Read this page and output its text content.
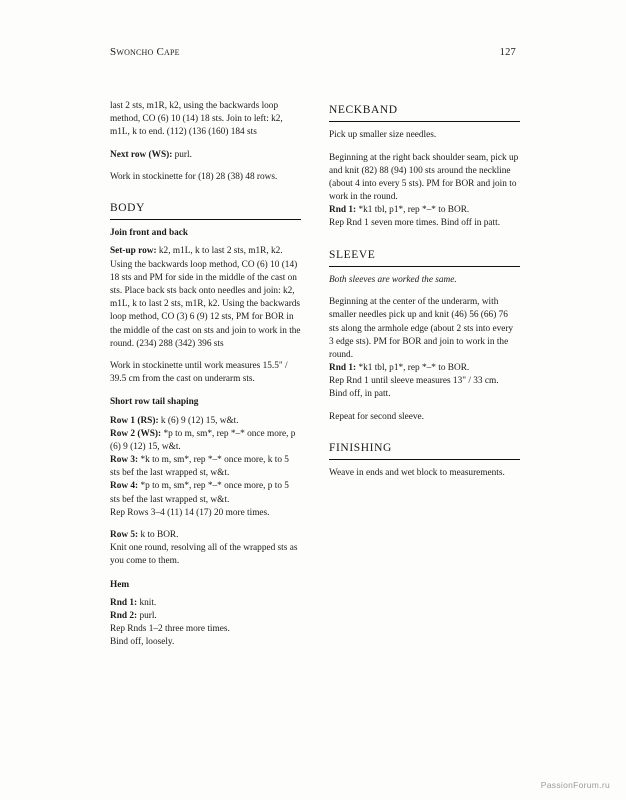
Swoncho Cape	127

last 2 sts, m1R, k2, using the backwards loop method, CO (6) 10 (14) 18 sts. Join to left: k2, m1L, k to end. (112) (136 (160) 184 sts

Next row (WS): purl.

Work in stockinette for (18) 28 (38) 48 rows.

BODY
Join front and back

Set-up row: k2, m1L, k to last 2 sts, m1R, k2. Using the backwards loop method, CO (6) 10 (14) 18 sts and PM for side in the middle of the cast on sts. Place back sts back onto needles and join: k2, m1L, k to last 2 sts, m1R, k2. Using the backwards loop method, CO (3) 6 (9) 12 sts, PM for BOR in the middle of the cast on sts and join to work in the round. (234) 288 (342) 396 sts

Work in stockinette until work measures 15.5" / 39.5 cm from the cast on underarm sts.

Short row tail shaping

Row 1 (RS): k (6) 9 (12) 15, w&t.

Row 2 (WS): *p to m, sm*, rep *–* once more, p (6) 9 (12) 15, w&t.

Row 3: *k to m, sm*, rep *–* once more, k to 5 sts bef the last wrapped st, w&t.

Row 4: *p to m, sm*, rep *–* once more, p to 5 sts bef the last wrapped st, w&t.

Rep Rows 3–4 (11) 14 (17) 20 more times.

Row 5: k to BOR.

Knit one round, resolving all of the wrapped sts as you come to them.

Hem

Rnd 1: knit.

Rnd 2: purl.

Rep Rnds 1–2 three more times.

Bind off, loosely.

NECKBAND

Pick up smaller size needles.

Beginning at the right back shoulder seam, pick up and knit (82) 88 (94) 100 sts around the neckline (about 4 into every 5 sts). PM for BOR and join to work in the round.

Rnd 1: *k1 tbl, p1*, rep *–* to BOR.

Rep Rnd 1 seven more times. Bind off in patt.

SLEEVE

Both sleeves are worked the same.

Beginning at the center of the underarm, with smaller needles pick up and knit (46) 56 (66) 76 sts along the armhole edge (about 2 sts into every 3 edge sts). PM for BOR and join to work in the round.

Rnd 1: *k1 tbl, p1*, rep *–* to BOR.

Rep Rnd 1 until sleeve measures 13" / 33 cm.

Bind off, in patt.

Repeat for second sleeve.

FINISHING

Weave in ends and wet block to measurements.

PassionForum.ru
